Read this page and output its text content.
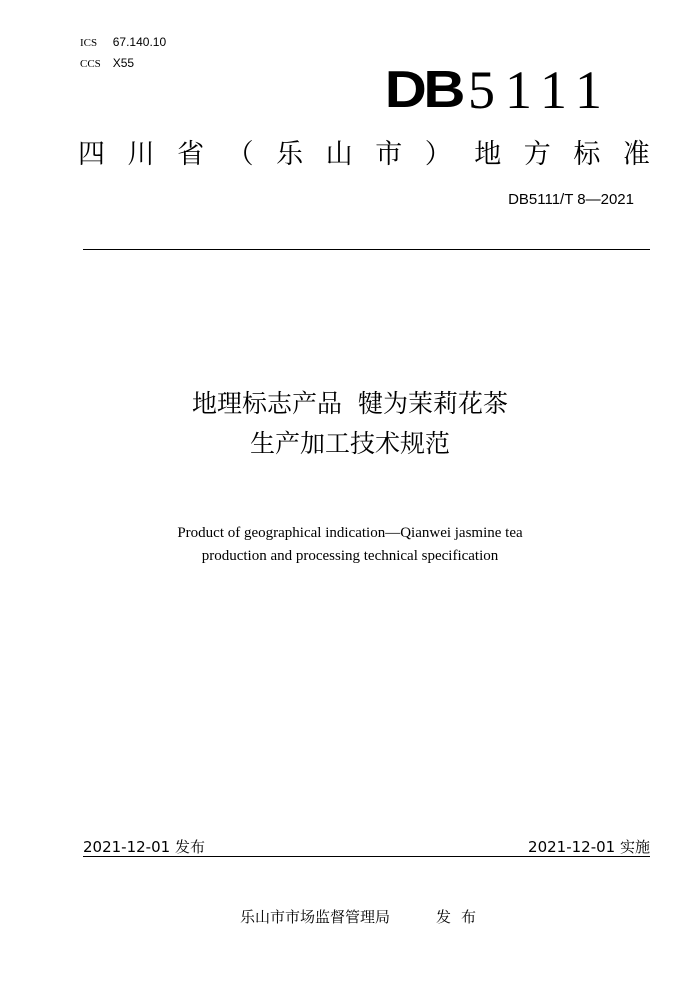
ICS 67.140.10
CCS X55	DB 5111
四 川 省 （ 乐 山 市 ） 地 方 标 准
DB5111/T 8—2021
地理标志产品  犍为茉莉花茶
生产加工技术规范
Product of geographical indication—Qianwei jasmine tea
production and processing technical specification
2021-12-01 发布	2021-12-01 实施
乐山市市场监督管理局	发布
